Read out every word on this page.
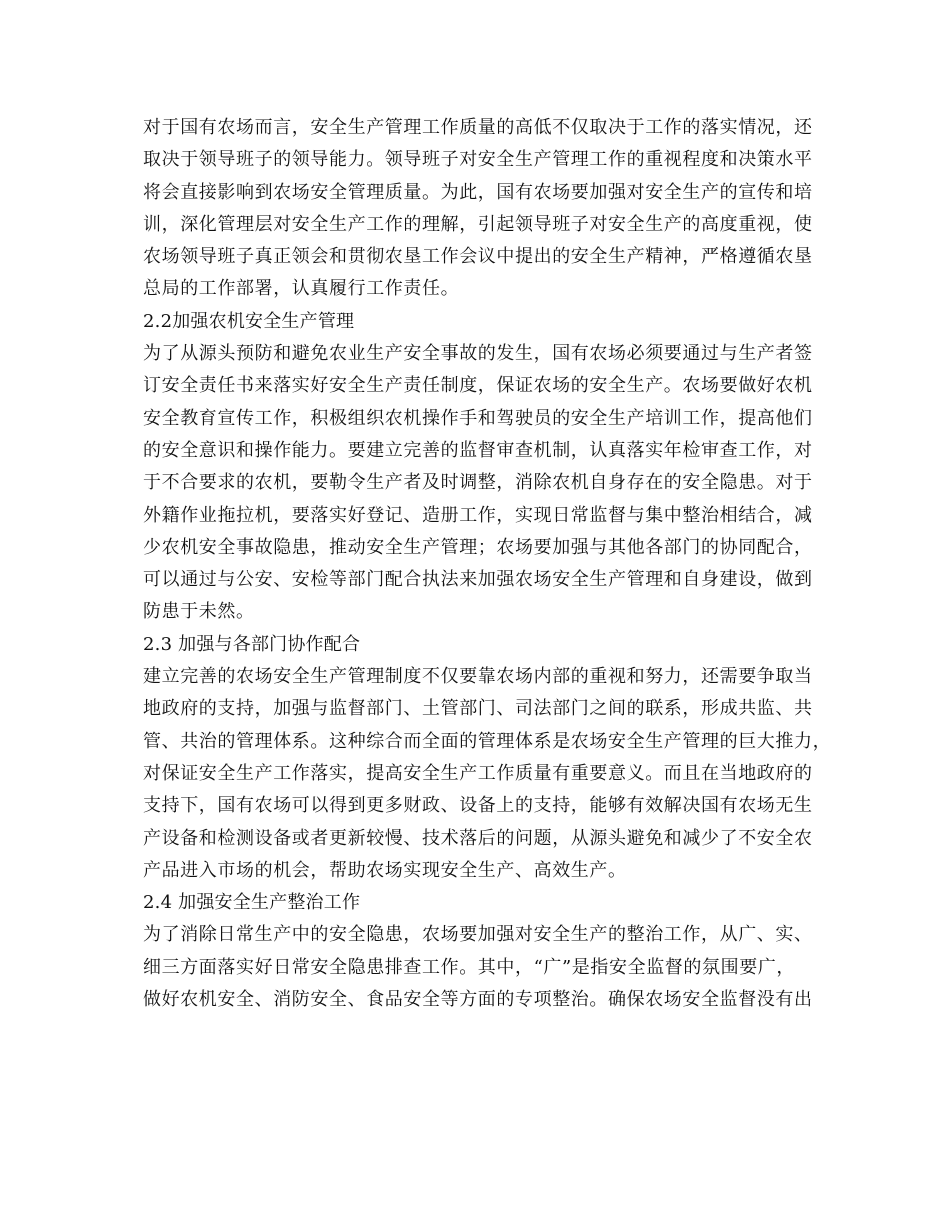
对于国有农场而言，安全生产管理工作质量的高低不仅取决于工作的落实情况，还
取决于领导班子的领导能力。领导班子对安全生产管理工作的重视程度和决策水平
将会直接影响到农场安全管理质量。为此，国有农场要加强对安全生产的宣传和培
训，深化管理层对安全生产工作的理解，引起领导班子对安全生产的高度重视，使
农场领导班子真正领会和贯彻农垦工作会议中提出的安全生产精神，严格遵循农垦
总局的工作部署，认真履行工作责任。
2.2加强农机安全生产管理
为了从源头预防和避免农业生产安全事故的发生，国有农场必须要通过与生产者签
订安全责任书来落实好安全生产责任制度，保证农场的安全生产。农场要做好农机
安全教育宣传工作，积极组织农机操作手和驾驶员的安全生产培训工作，提高他们
的安全意识和操作能力。要建立完善的监督审查机制，认真落实年检审查工作，对
于不合要求的农机，要勒令生产者及时调整，消除农机自身存在的安全隐患。对于
外籍作业拖拉机，要落实好登记、造册工作，实现日常监督与集中整治相结合，减
少农机安全事故隐患，推动安全生产管理；农场要加强与其他各部门的协同配合，
可以通过与公安、安检等部门配合执法来加强农场安全生产管理和自身建设，做到
防患于未然。
2.3 加强与各部门协作配合
建立完善的农场安全生产管理制度不仅要靠农场内部的重视和努力，还需要争取当
地政府的支持，加强与监督部门、土管部门、司法部门之间的联系，形成共监、共
管、共治的管理体系。这种综合而全面的管理体系是农场安全生产管理的巨大推力，
对保证安全生产工作落实，提高安全生产工作质量有重要意义。而且在当地政府的
支持下，国有农场可以得到更多财政、设备上的支持，能够有效解决国有农场无生
产设备和检测设备或者更新较慢、技术落后的问题，从源头避免和减少了不安全农
产品进入市场的机会，帮助农场实现安全生产、高效生产。
2.4 加强安全生产整治工作
为了消除日常生产中的安全隐患，农场要加强对安全生产的整治工作，从广、实、
细三方面落实好日常安全隐患排查工作。其中，“广”是指安全监督的氛围要广，
做好农机安全、消防安全、食品安全等方面的专项整治。确保农场安全监督没有出
